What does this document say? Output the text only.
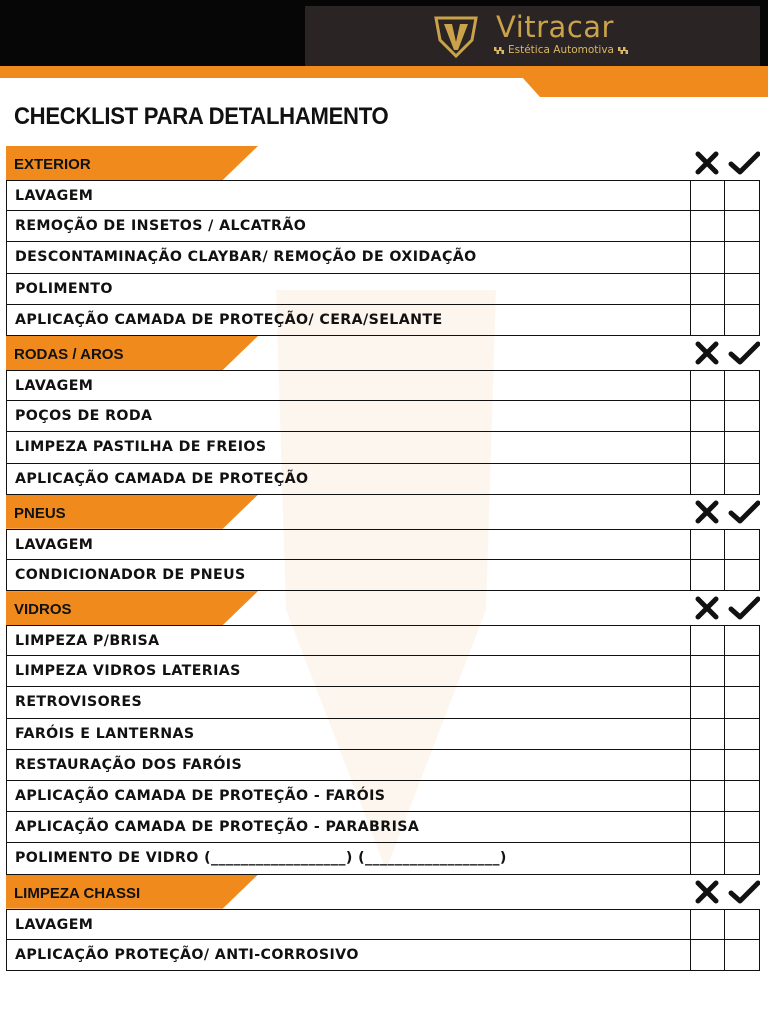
Vitracar
Estética Automotiva
CHECKLIST PARA DETALHAMENTO
EXTERIOR
LAVAGEM
REMOÇÃO DE INSETOS / ALCATRÃO
DESCONTAMINAÇÃO CLAYBAR/ REMOÇÃO DE OXIDAÇÃO
POLIMENTO
APLICAÇÃO CAMADA DE PROTEÇÃO/ CERA/SELANTE
RODAS / AROS
LAVAGEM
POÇOS DE RODA
LIMPEZA PASTILHA DE FREIOS
APLICAÇÃO CAMADA DE PROTEÇÃO
PNEUS
LAVAGEM
CONDICIONADOR DE PNEUS
VIDROS
LIMPEZA P/BRISA
LIMPEZA VIDROS LATERIAS
RETROVISORES
FARÓIS E LANTERNAS
RESTAURAÇÃO DOS FARÓIS
APLICAÇÃO CAMADA DE PROTEÇÃO - FARÓIS
APLICAÇÃO CAMADA DE PROTEÇÃO - PARABRISA
POLIMENTO DE VIDRO (__________________) (__________________)
LIMPEZA CHASSI
LAVAGEM
APLICAÇÃO PROTEÇÃO/ ANTI-CORROSIVO
